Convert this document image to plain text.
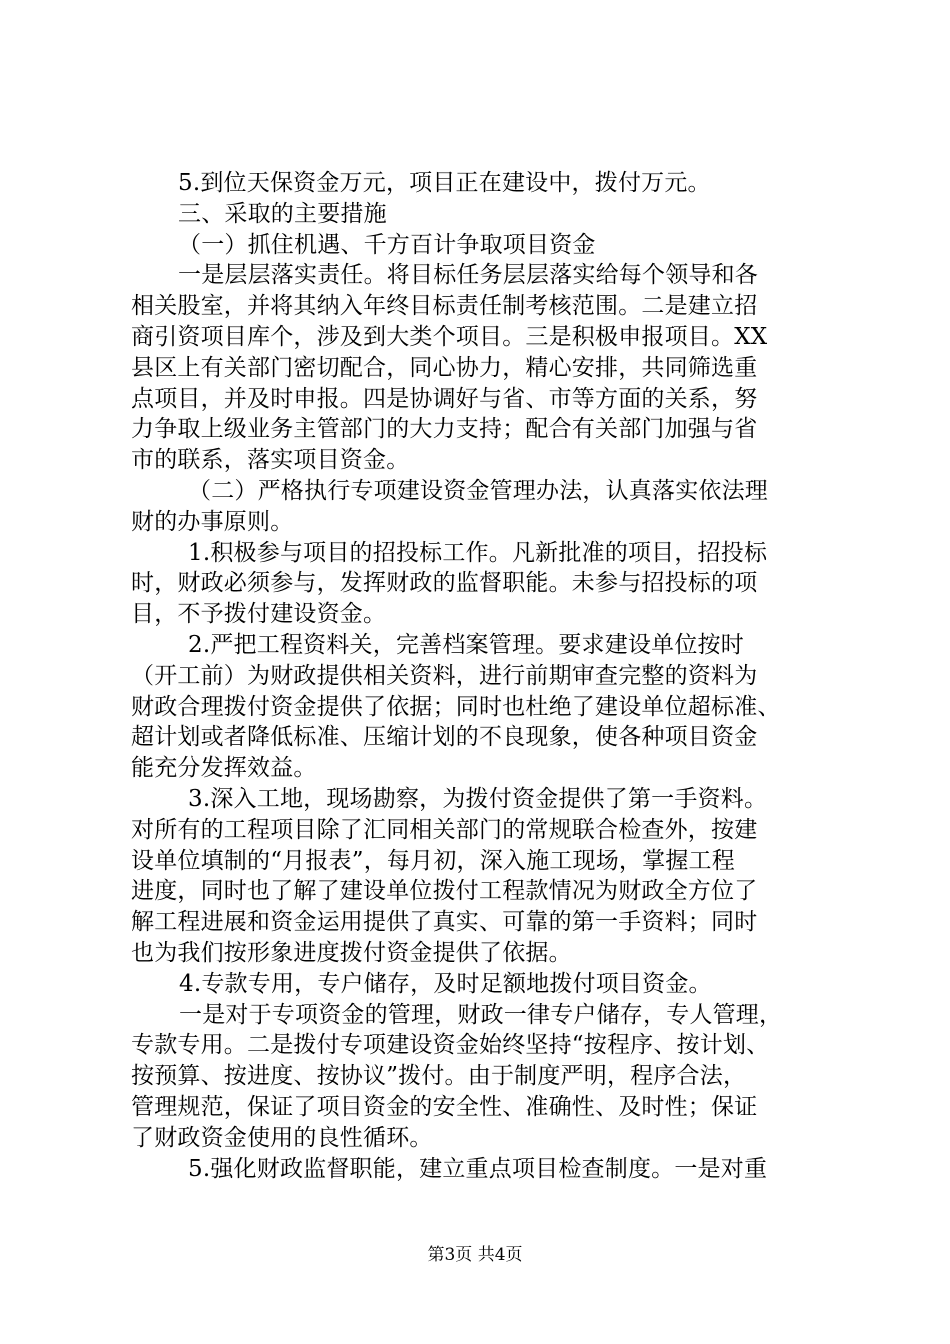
5.到位天保资金万元，项目正在建设中，拨付万元。
三、采取的主要措施
（一）抓住机遇、千方百计争取项目资金
一是层层落实责任。将目标任务层层落实给每个领导和各
相关股室，并将其纳入年终目标责任制考核范围。二是建立招
商引资项目库个，涉及到大类个项目。三是积极申报项目。XX
县区上有关部门密切配合，同心协力，精心安排，共同筛选重
点项目，并及时申报。四是协调好与省、市等方面的关系，努
力争取上级业务主管部门的大力支持；配合有关部门加强与省
市的联系，落实项目资金。
（二）严格执行专项建设资金管理办法，认真落实依法理
财的办事原则。
1.积极参与项目的招投标工作。凡新批准的项目，招投标
时，财政必须参与，发挥财政的监督职能。未参与招投标的项
目，不予拨付建设资金。
2.严把工程资料关，完善档案管理。要求建设单位按时
（开工前）为财政提供相关资料，进行前期审查完整的资料为
财政合理拨付资金提供了依据；同时也杜绝了建设单位超标准、
超计划或者降低标准、压缩计划的不良现象，使各种项目资金
能充分发挥效益。
3.深入工地，现场勘察，为拨付资金提供了第一手资料。
对所有的工程项目除了汇同相关部门的常规联合检查外，按建
设单位填制的“月报表”，每月初，深入施工现场，掌握工程
进度，同时也了解了建设单位拨付工程款情况为财政全方位了
解工程进展和资金运用提供了真实、可靠的第一手资料；同时
也为我们按形象进度拨付资金提供了依据。
4.专款专用，专户储存，及时足额地拨付项目资金。
一是对于专项资金的管理，财政一律专户储存，专人管理，
专款专用。二是拨付专项建设资金始终坚持“按程序、按计划、
按预算、按进度、按协议”拨付。由于制度严明，程序合法，
管理规范，保证了项目资金的安全性、准确性、及时性；保证
了财政资金使用的良性循环。
5.强化财政监督职能，建立重点项目检查制度。一是对重
第3页 共4页
